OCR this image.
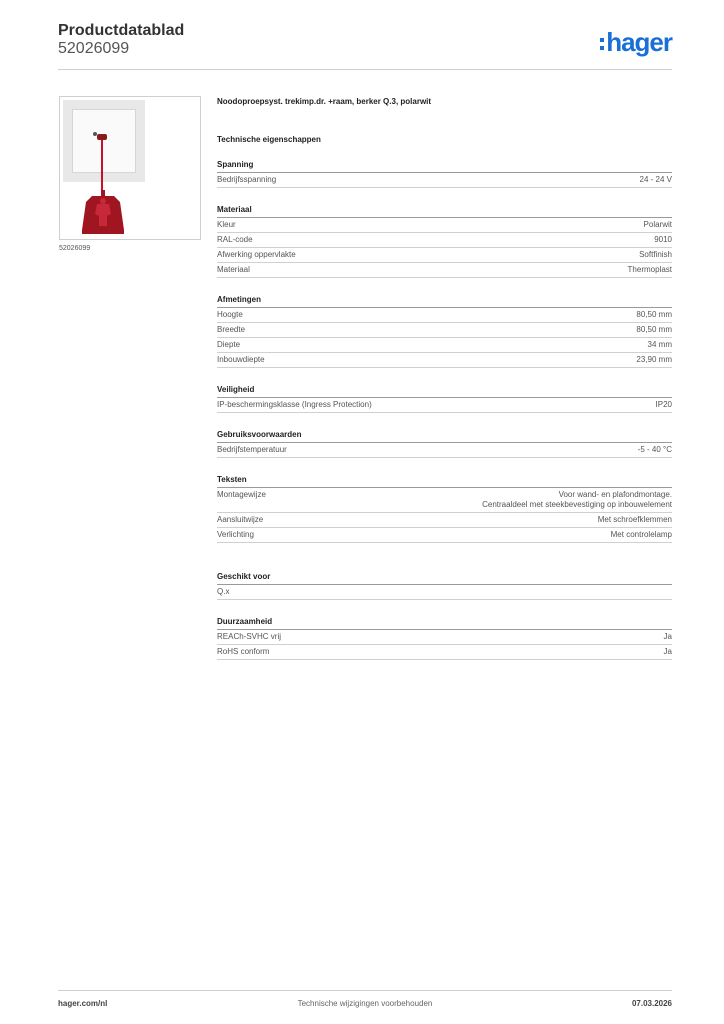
Productdatablad
52026099	hager
52026099
Noodoproepsyst. trekimp.dr. +raam, berker Q.3, polarwit
Technische eigenschappen
Spanning
Bedrijfsspanning	24 - 24 V
Materiaal
Kleur	Polarwit
RAL-code	9010
Afwerking oppervlakte	Softfinish
Materiaal	Thermoplast
Afmetingen
Hoogte	80,50 mm
Breedte	80,50 mm
Diepte	34 mm
Inbouwdiepte	23,90 mm
Veiligheid
IP-beschermingsklasse (Ingress Protection)	IP20
Gebruiksvoorwaarden
Bedrijfstemperatuur	-5 - 40 °C
Teksten
Montagewijze	Voor wand- en plafondmontage.
Centraaldeel met steekbevestiging op inbouwelement
Aansluitwijze	Met schroefklemmen
Verlichting	Met controlelamp
Geschikt voor
Q.x
Duurzaamheid
REACh-SVHC vrij	Ja
RoHS conform	Ja
hager.com/nl	Technische wijzigingen voorbehouden	07.03.2026
